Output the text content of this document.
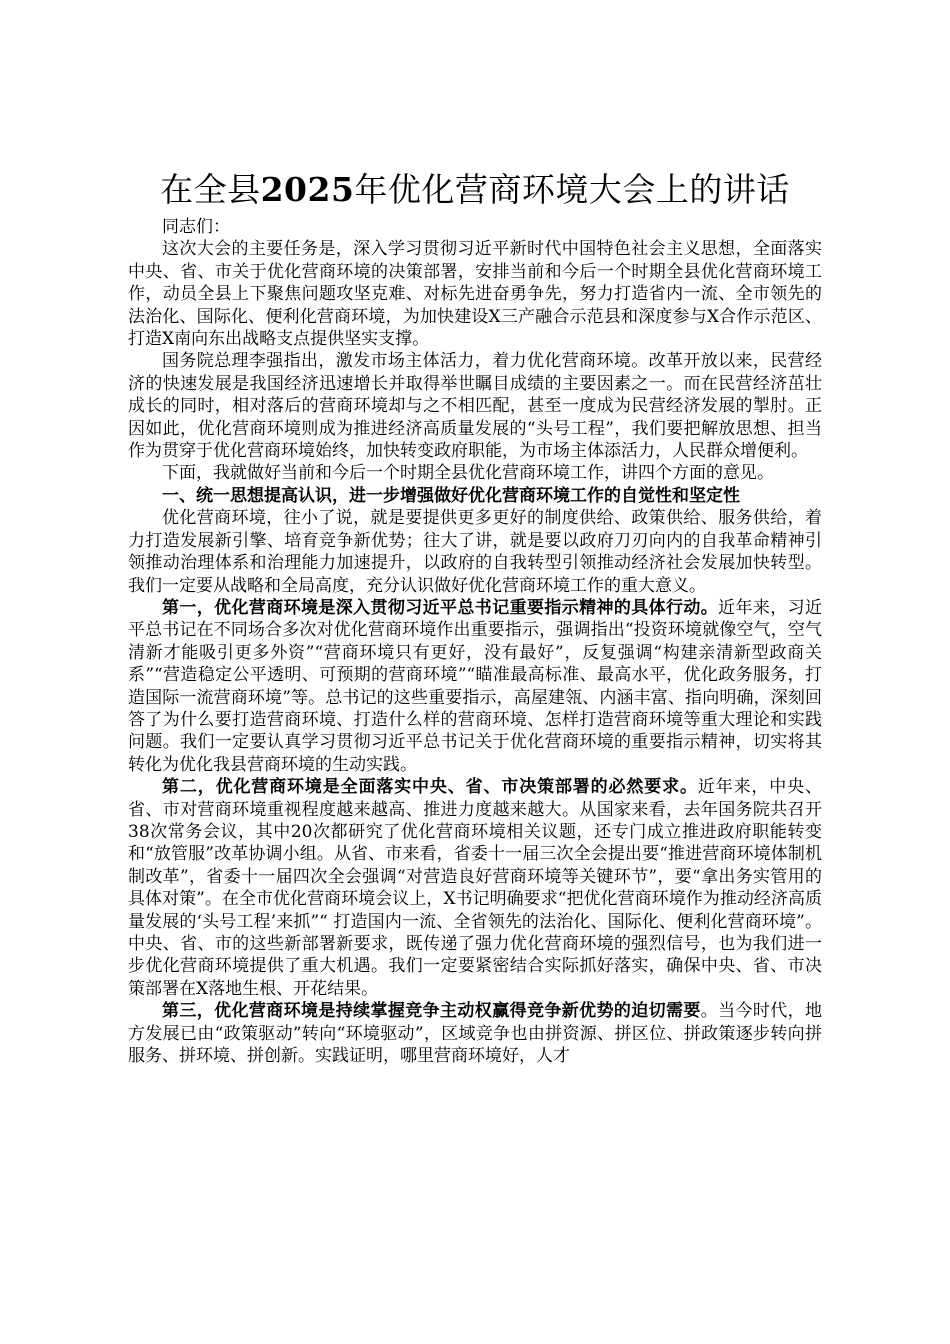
在全县2025年优化营商环境大会上的讲话

同志们：

这次大会的主要任务是，深入学习贯彻习近平新时代中国特色社会主义思想，全面落实中央、省、市关于优化营商环境的决策部署，安排当前和今后一个时期全县优化营商环境工作，动员全县上下聚焦问题攻坚克难、对标先进奋勇争先，努力打造省内一流、全市领先的法治化、国际化、便利化营商环境，为加快建设X三产融合示范县和深度参与X合作示范区、打造X南向东出战略支点提供坚实支撑。

国务院总理李强指出，激发市场主体活力，着力优化营商环境。改革开放以来，民营经济的快速发展是我国经济迅速增长并取得举世瞩目成绩的主要因素之一。而在民营经济茁壮成长的同时，相对落后的营商环境却与之不相匹配，甚至一度成为民营经济发展的掣肘。正因如此，优化营商环境则成为推进经济高质量发展的“头号工程”，我们要把解放思想、担当作为贯穿于优化营商环境始终，加快转变政府职能，为市场主体添活力，人民群众增便利。

下面，我就做好当前和今后一个时期全县优化营商环境工作，讲四个方面的意见。

一、统一思想提高认识，进一步增强做好优化营商环境工作的自觉性和坚定性

优化营商环境，往小了说，就是要提供更多更好的制度供给、政策供给、服务供给，着力打造发展新引擎、培育竞争新优势；往大了讲，就是要以政府刀刃向内的自我革命精神引领推动治理体系和治理能力加速提升，以政府的自我转型引领推动经济社会发展加快转型。我们一定要从战略和全局高度，充分认识做好优化营商环境工作的重大意义。

第一，优化营商环境是深入贯彻习近平总书记重要指示精神的具体行动。近年来，习近平总书记在不同场合多次对优化营商环境作出重要指示，强调指出“投资环境就像空气，空气清新才能吸引更多外资”“营商环境只有更好，没有最好”，反复强调“构建亲清新型政商关系”“营造稳定公平透明、可预期的营商环境”“瞄准最高标准、最高水平，优化政务服务，打造国际一流营商环境”等。总书记的这些重要指示，高屋建瓴、内涵丰富、指向明确，深刻回答了为什么要打造营商环境、打造什么样的营商环境、怎样打造营商环境等重大理论和实践问题。我们一定要认真学习贯彻习近平总书记关于优化营商环境的重要指示精神，切实将其转化为优化我县营商环境的生动实践。

第二，优化营商环境是全面落实中央、省、市决策部署的必然要求。近年来，中央、省、市对营商环境重视程度越来越高、推进力度越来越大。从国家来看，去年国务院共召开38次常务会议，其中20次都研究了优化营商环境相关议题，还专门成立推进政府职能转变和“放管服”改革协调小组。从省、市来看，省委十一届三次全会提出要“推进营商环境体制机制改革”，省委十一届四次全会强调“对营造良好营商环境等关键环节”，要“拿出务实管用的具体对策”。在全市优化营商环境会议上，X书记明确要求“把优化营商环境作为推动经济高质量发展的‘头号工程’来抓”“ 打造国内一流、全省领先的法治化、国际化、便利化营商环境”。中央、省、市的这些新部署新要求，既传递了强力优化营商环境的强烈信号，也为我们进一步优化营商环境提供了重大机遇。我们一定要紧密结合实际抓好落实，确保中央、省、市决策部署在X落地生根、开花结果。

第三，优化营商环境是持续掌握竞争主动权赢得竞争新优势的迫切需要。当今时代，地方发展已由“政策驱动”转向“环境驱动”，区域竞争也由拼资源、拼区位、拼政策逐步转向拼服务、拼环境、拼创新。实践证明，哪里营商环境好，人才
